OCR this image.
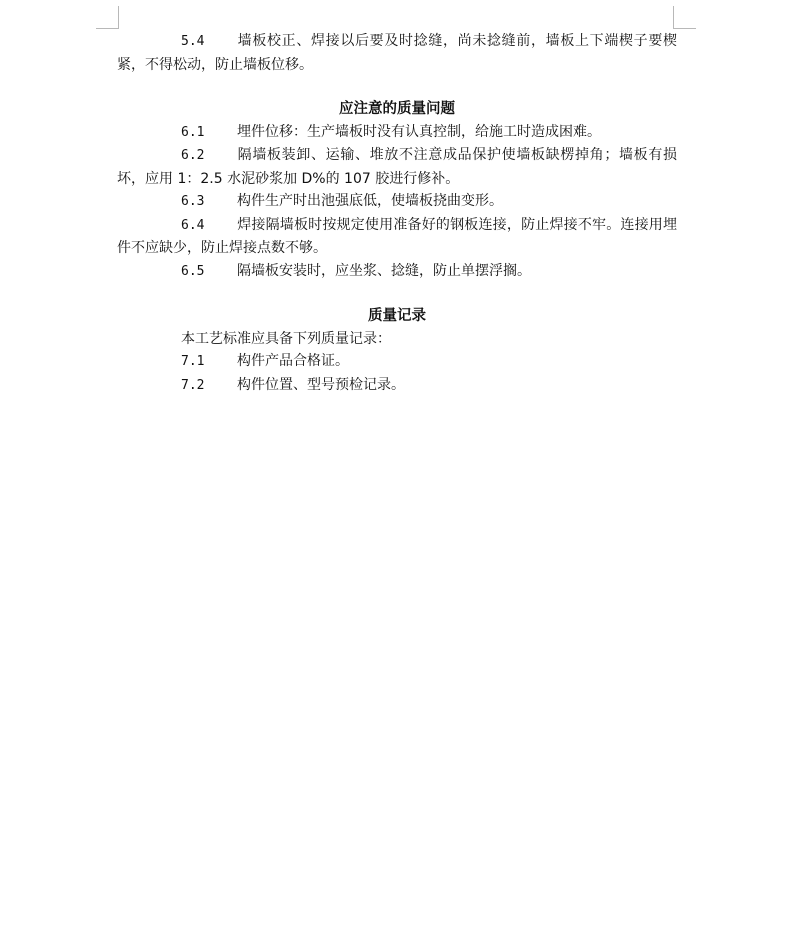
5.4 墙板校正、焊接以后要及时捻缝，尚未捻缝前，墙板上下端楔子要楔紧，不得松动，防止墙板位移。

应注意的质量问题

6.1 埋件位移：生产墙板时没有认真控制，给施工时造成困难。

6.2 隔墙板装卸、运输、堆放不注意成品保护使墙板缺楞掉角；墙板有损坏，应用 1：2.5 水泥砂浆加 D%的 107 胶进行修补。

6.3 构件生产时出池强底低，使墙板挠曲变形。

6.4 焊接隔墙板时按规定使用准备好的钢板连接，防止焊接不牢。连接用埋件不应缺少，防止焊接点数不够。

6.5 隔墙板安装时，应坐浆、捻缝，防止单摆浮搁。

质量记录

本工艺标准应具备下列质量记录：

7.1 构件产品合格证。

7.2 构件位置、型号预检记录。
